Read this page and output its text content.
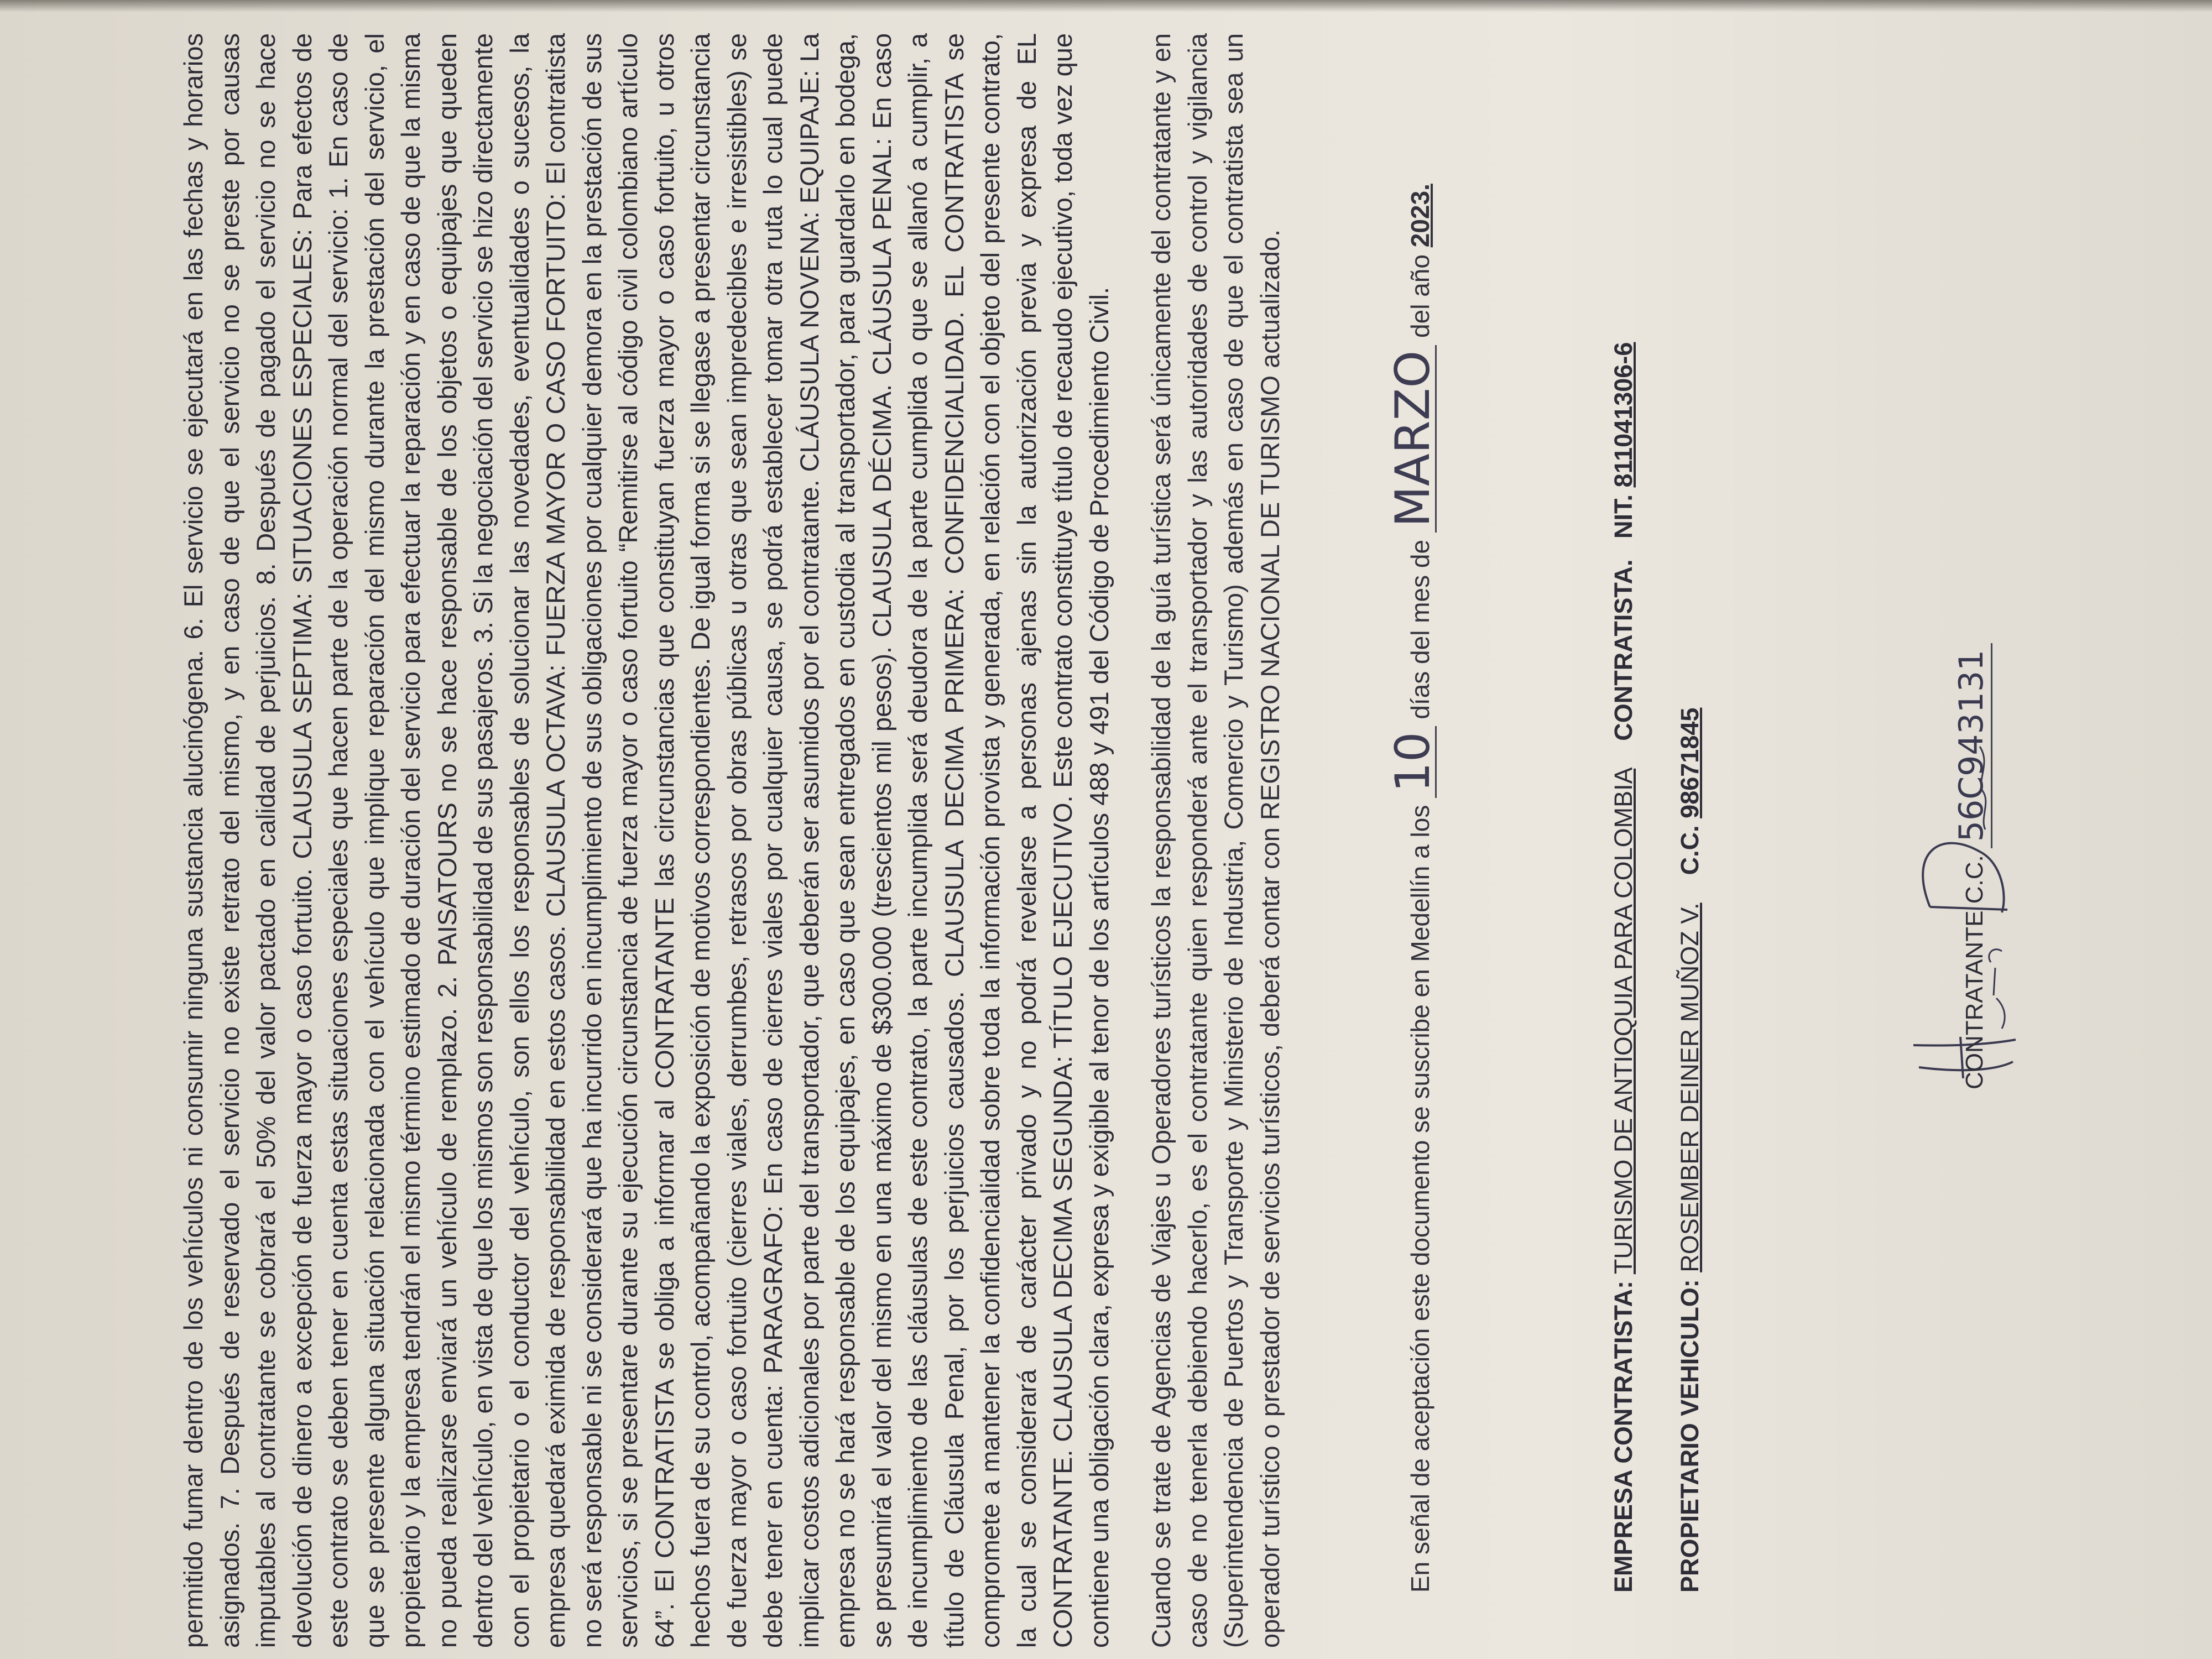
permitido fumar dentro de los vehículos ni consumir ninguna sustancia alucinógena. 6. El servicio se ejecutará en las fechas y horarios asignados. 7. Después de reservado el servicio no existe retrato del mismo, y en caso de que el servicio no se preste por causas imputables al contratante se cobrará el 50% del valor pactado en calidad de perjuicios. 8. Después de pagado el servicio no se hace devolución de dinero a excepción de fuerza mayor o caso fortuito. CLAUSULA SEPTIMA: SITUACIONES ESPECIALES: Para efectos de este contrato se deben tener en cuenta estas situaciones especiales que hacen parte de la operación normal del servicio: 1. En caso de que se presente alguna situación relacionada con el vehículo que implique reparación del mismo durante la prestación del servicio, el propietario y la empresa tendrán el mismo término estimado de duración del servicio para efectuar la reparación y en caso de que la misma no pueda realizarse enviará un vehículo de remplazo. 2. PAISATOURS no se hace responsable de los objetos o equipajes que queden dentro del vehículo, en vista de que los mismos son responsabilidad de sus pasajeros. 3. Si la negociación del servicio se hizo directamente con el propietario o el conductor del vehículo, son ellos los responsables de solucionar las novedades, eventualidades o sucesos, la empresa quedará eximida de responsabilidad en estos casos. CLAUSULA OCTAVA: FUERZA MAYOR O CASO FORTUITO: El contratista no será responsable ni se considerará que ha incurrido en incumplimiento de sus obligaciones por cualquier demora en la prestación de sus servicios, si se presentare durante su ejecución circunstancia de fuerza mayor o caso fortuito “Remitirse al código civil colombiano artículo 64”. El CONTRATISTA se obliga a informar al CONTRATANTE las circunstancias que constituyan fuerza mayor o caso fortuito, u otros hechos fuera de su control, acompañando la exposición de motivos correspondientes. De igual forma si se llegase a presentar circunstancia de fuerza mayor o caso fortuito (cierres viales, derrumbes, retrasos por obras públicas u otras que sean impredecibles e irresistibles) se debe tener en cuenta: PARAGRAFO: En caso de cierres viales por cualquier causa, se podrá establecer tomar otra ruta lo cual puede implicar costos adicionales por parte del transportador, que deberán ser asumidos por el contratante. CLÁUSULA NOVENA: EQUIPAJE: La empresa no se hará responsable de los equipajes, en caso que sean entregados en custodia al transportador, para guardarlo en bodega, se presumirá el valor del mismo en una máximo de $300.000 (trescientos mil pesos). CLAUSULA DÉCIMA. CLÁUSULA PENAL: En caso de incumplimiento de las cláusulas de este contrato, la parte incumplida será deudora de la parte cumplida o que se allanó a cumplir, a título de Cláusula Penal, por los perjuicios causados. CLAUSULA DECIMA PRIMERA: CONFIDENCIALIDAD. EL CONTRATISTA se compromete a mantener la confidencialidad sobre toda la información provista y generada, en relación con el objeto del presente contrato, la cual se considerará de carácter privado y no podrá revelarse a personas ajenas sin la autorización previa y expresa de EL CONTRATANTE. CLAUSULA DECIMA SEGUNDA: TÍTULO EJECUTIVO. Este contrato constituye título de recaudo ejecutivo, toda vez que contiene una obligación clara, expresa y exigible al tenor de los artículos 488 y 491 del Código de Procedimiento Civil. Cuando se trate de Agencias de Viajes u Operadores turísticos la responsabilidad de la guía turística será únicamente del contratante y en caso de no tenerla debiendo hacerlo, es el contratante quien responderá ante el transportador y las autoridades de control y vigilancia (Superintendencia de Puertos y Transporte y Ministerio de Industria, Comercio y Turismo) además en caso de que el contratista sea un operador turístico o prestador de servicios turísticos, deberá contar con REGISTRO NACIONAL DE TURISMO actualizado.	En señal de aceptación este documento se suscribe en Medellín a los 10 días del mes de MARZO del año 2023.
EMPRESA CONTRATISTA: TURISMO DE ANTIOQUIA PARA COLOMBIA    CONTRATISTA.   NIT. 811041306-6
PROPIETARIO VEHICULO: ROSEMBER DEINER MUÑOZ V.    C.C. 98671845
CONTRATANTE C.C. 56C943131
